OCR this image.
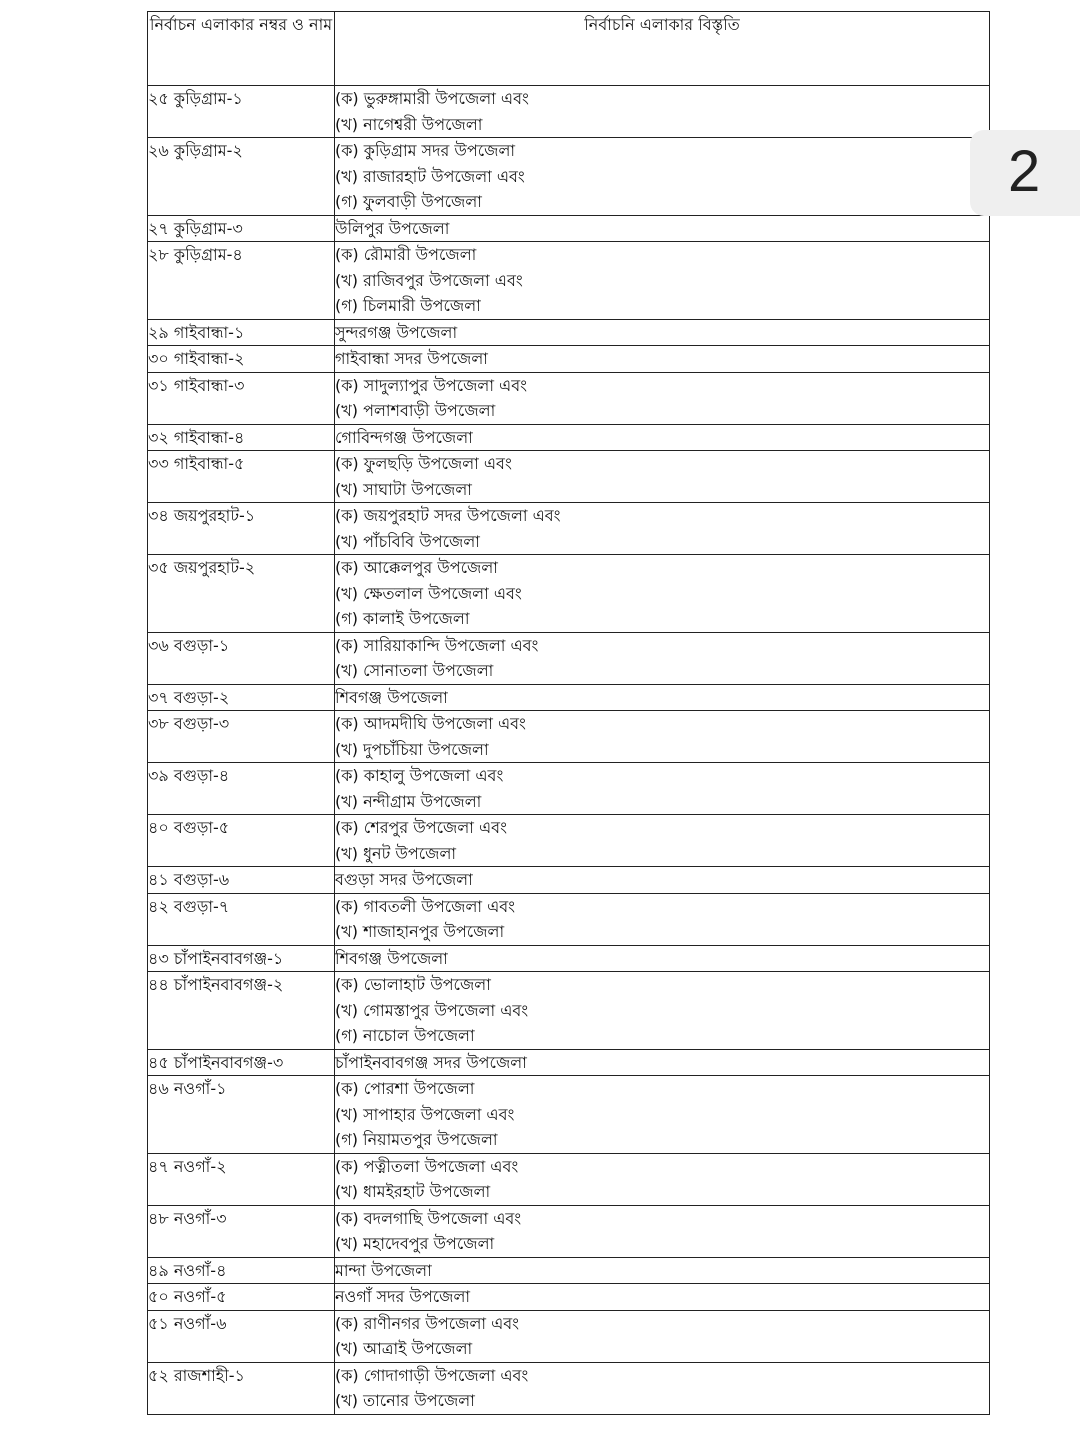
নির্বাচন এলাকার নম্বর ও নাম	নির্বাচনি এলাকার বিস্তৃতি
২৫ কুড়িগ্রাম-১	(ক) ভুরুঙ্গামারী উপজেলা এবং
(খ) নাগেশ্বরী উপজেলা

২৬ কুড়িগ্রাম-২	(ক) কুড়িগ্রাম সদর উপজেলা
(খ) রাজারহাট উপজেলা এবং
(গ) ফুলবাড়ী উপজেলা

২৭ কুড়িগ্রাম-৩	উলিপুর উপজেলা

২৮ কুড়িগ্রাম-৪	(ক) রৌমারী উপজেলা
(খ) রাজিবপুর উপজেলা এবং
(গ) চিলমারী উপজেলা

২৯ গাইবান্ধা-১	সুন্দরগঞ্জ উপজেলা

৩০ গাইবান্ধা-২	গাইবান্ধা সদর উপজেলা

৩১ গাইবান্ধা-৩	(ক) সাদুল্যাপুর উপজেলা এবং
(খ) পলাশবাড়ী উপজেলা

৩২ গাইবান্ধা-৪	গোবিন্দগঞ্জ উপজেলা

৩৩ গাইবান্ধা-৫	(ক) ফুলছড়ি উপজেলা এবং
(খ) সাঘাটা উপজেলা

৩৪ জয়পুরহাট-১	(ক) জয়পুরহাট সদর উপজেলা এবং
(খ) পাঁচবিবি উপজেলা

৩৫ জয়পুরহাট-২	(ক) আক্কেলপুর উপজেলা
(খ) ক্ষেতলাল উপজেলা এবং
(গ) কালাই উপজেলা

৩৬ বগুড়া-১	(ক) সারিয়াকান্দি উপজেলা এবং
(খ) সোনাতলা উপজেলা

৩৭ বগুড়া-২	শিবগঞ্জ উপজেলা

৩৮ বগুড়া-৩	(ক) আদমদীঘি উপজেলা এবং
(খ) দুপচাঁচিয়া উপজেলা

৩৯ বগুড়া-৪	(ক) কাহালু উপজেলা এবং
(খ) নন্দীগ্রাম উপজেলা

৪০ বগুড়া-৫	(ক) শেরপুর উপজেলা এবং
(খ) ধুনট উপজেলা

৪১ বগুড়া-৬	বগুড়া সদর উপজেলা

৪২ বগুড়া-৭	(ক) গাবতলী উপজেলা এবং
(খ) শাজাহানপুর উপজেলা

৪৩ চাঁপাইনবাবগঞ্জ-১	শিবগঞ্জ উপজেলা

৪৪ চাঁপাইনবাবগঞ্জ-২	(ক) ভোলাহাট উপজেলা
(খ) গোমস্তাপুর উপজেলা এবং
(গ) নাচোল উপজেলা

৪৫ চাঁপাইনবাবগঞ্জ-৩	চাঁপাইনবাবগঞ্জ সদর উপজেলা

৪৬ নওগাঁ-১	(ক) পোরশা উপজেলা
(খ) সাপাহার উপজেলা এবং
(গ) নিয়ামতপুর উপজেলা

৪৭ নওগাঁ-২	(ক) পত্নীতলা উপজেলা এবং
(খ) ধামইরহাট উপজেলা

৪৮ নওগাঁ-৩	(ক) বদলগাছি উপজেলা এবং
(খ) মহাদেবপুর উপজেলা

৪৯ নওগাঁ-৪	মান্দা উপজেলা

৫০ নওগাঁ-৫	নওগাঁ সদর উপজেলা

৫১ নওগাঁ-৬	(ক) রাণীনগর উপজেলা এবং
(খ) আত্রাই উপজেলা

৫২ রাজশাহী-১	(ক) গোদাগাড়ী উপজেলা এবং
(খ) তানোর উপজেলা
2
